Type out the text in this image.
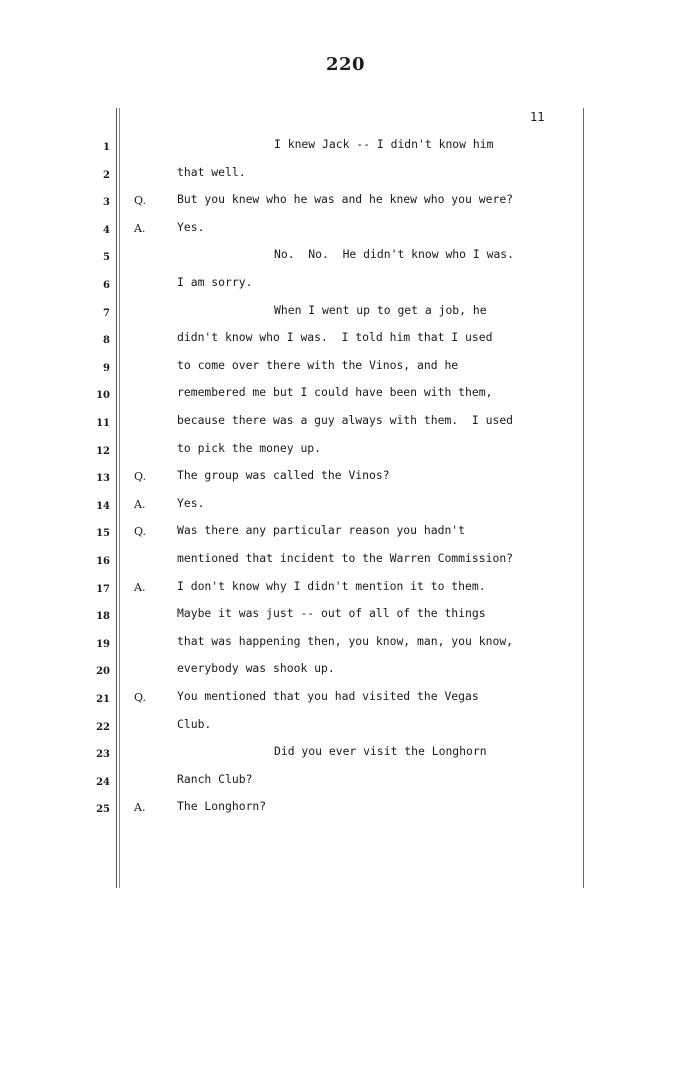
220
11
1	I knew Jack -- I didn't know him
2	that well.
3 Q.	But you knew who he was and he knew who you were?
4 A.	Yes.
5	No.  No.  He didn't know who I was.
6	I am sorry.
7	When I went up to get a job, he
8	didn't know who I was.  I told him that I used
9	to come over there with the Vinos, and he
10	remembered me but I could have been with them,
11	because there was a guy always with them.  I used
12	to pick the money up.
13 Q.	The group was called the Vinos?
14 A.	Yes.
15 Q.	Was there any particular reason you hadn't
16	mentioned that incident to the Warren Commission?
17 A.	I don't know why I didn't mention it to them.
18	Maybe it was just -- out of all of the things
19	that was happening then, you know, man, you know,
20	everybody was shook up.
21 Q.	You mentioned that you had visited the Vegas
22	Club.
23	Did you ever visit the Longhorn
24	Ranch Club?
25 A.	The Longhorn?
